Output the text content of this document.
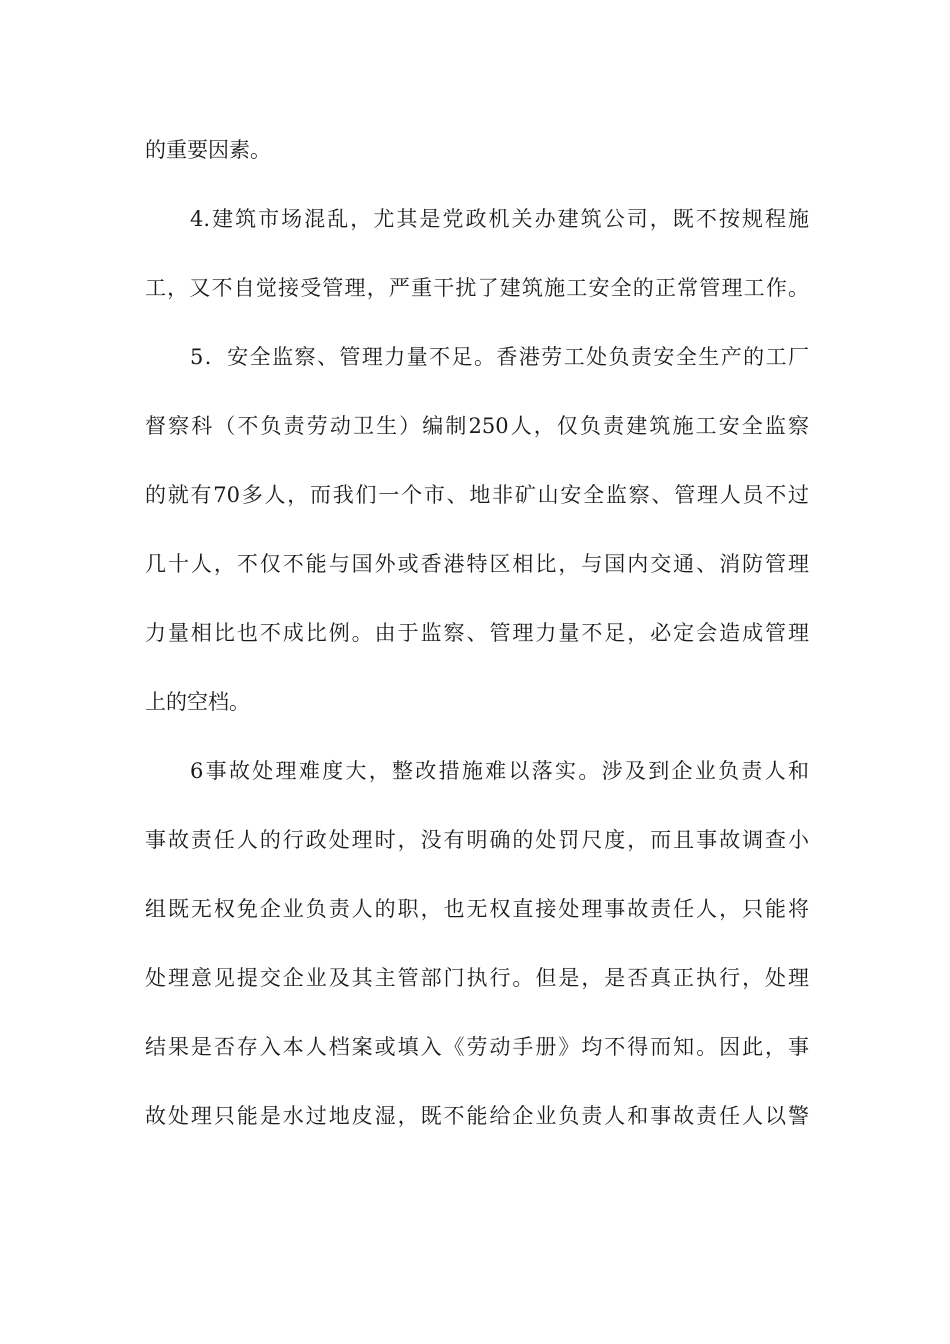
的重要因素。
4.建筑市场混乱，尤其是党政机关办建筑公司，既不按规程施
工，又不自觉接受管理，严重干扰了建筑施工安全的正常管理工作。
5．安全监察、管理力量不足。香港劳工处负责安全生产的工厂
督察科（不负责劳动卫生）编制250人，仅负责建筑施工安全监察
的就有70多人，而我们一个市、地非矿山安全监察、管理人员不过
几十人，不仅不能与国外或香港特区相比，与国内交通、消防管理
力量相比也不成比例。由于监察、管理力量不足，必定会造成管理
上的空档。
6事故处理难度大，整改措施难以落实。涉及到企业负责人和
事故责任人的行政处理时，没有明确的处罚尺度，而且事故调查小
组既无权免企业负责人的职，也无权直接处理事故责任人，只能将
处理意见提交企业及其主管部门执行。但是，是否真正执行，处理
结果是否存入本人档案或填入《劳动手册》均不得而知。因此，事
故处理只能是水过地皮湿，既不能给企业负责人和事故责任人以警
